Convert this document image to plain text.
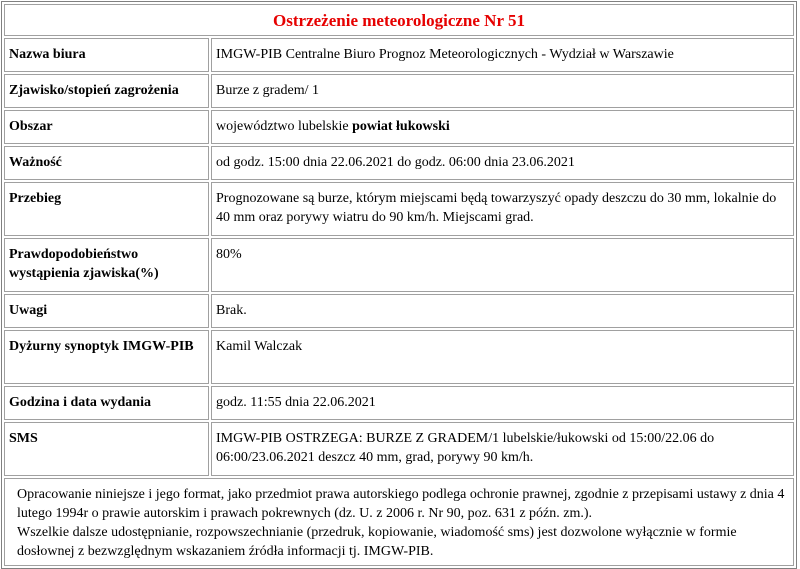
Ostrzeżenie meteorologiczne Nr 51	
Nazwa biura	IMGW-PIB Centralne Biuro Prognoz Meteorologicznych - Wydział w Warszawie
Zjawisko/stopień zagrożenia	Burze z gradem/ 1
Obszar	województwo lubelskie powiat łukowski
Ważność	od godz. 15:00 dnia 22.06.2021 do godz. 06:00 dnia 23.06.2021
Przebieg	Prognozowane są burze, którym miejscami będą towarzyszyć opady deszczu do 30 mm, lokalnie do 40 mm oraz porywy wiatru do 90 km/h. Miejscami grad.
Prawdopodobieństwo wystąpienia zjawiska(%)	80%
Uwagi	Brak.
Dyżurny synoptyk IMGW-PIB	Kamil Walczak
Godzina i data wydania	godz. 11:55 dnia 22.06.2021
SMS	IMGW-PIB OSTRZEGA: BURZE Z GRADEM/1 lubelskie/łukowski od 15:00/22.06 do 06:00/23.06.2021 deszcz 40 mm, grad, porywy 90 km/h.

Opracowanie niniejsze i jego format, jako przedmiot prawa autorskiego podlega ochronie prawnej, zgodnie z przepisami ustawy z dnia 4 lutego 1994r o prawie autorskim i prawach pokrewnych (dz. U. z 2006 r. Nr 90, poz. 631 z późn. zm.).
Wszelkie dalsze udostępnianie, rozpowszechnianie (przedruk, kopiowanie, wiadomość sms) jest dozwolone wyłącznie w formie dosłownej z bezwzględnym wskazaniem źródła informacji tj. IMGW-PIB.	
